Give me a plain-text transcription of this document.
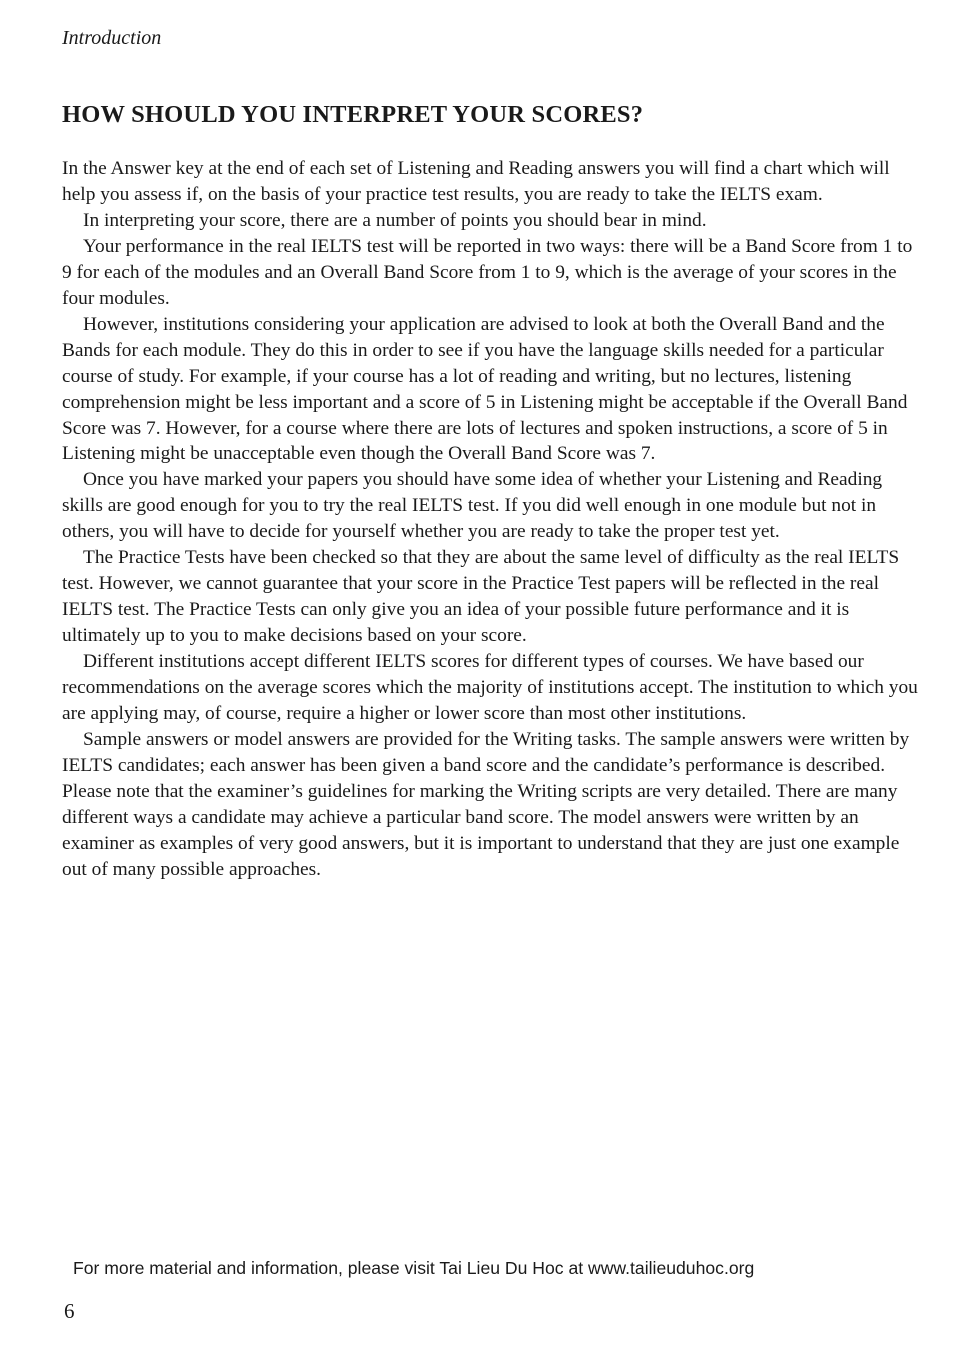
Introduction

HOW SHOULD YOU INTERPRET YOUR SCORES?

In the Answer key at the end of each set of Listening and Reading answers you will find a chart which will help you assess if, on the basis of your practice test results, you are ready to take the IELTS exam.

In interpreting your score, there are a number of points you should bear in mind.

Your performance in the real IELTS test will be reported in two ways: there will be a Band Score from 1 to 9 for each of the modules and an Overall Band Score from 1 to 9, which is the average of your scores in the four modules.

However, institutions considering your application are advised to look at both the Overall Band and the Bands for each module. They do this in order to see if you have the language skills needed for a particular course of study. For example, if your course has a lot of reading and writing, but no lectures, listening comprehension might be less important and a score of 5 in Listening might be acceptable if the Overall Band Score was 7. However, for a course where there are lots of lectures and spoken instructions, a score of 5 in Listening might be unacceptable even though the Overall Band Score was 7.

Once you have marked your papers you should have some idea of whether your Listening and Reading skills are good enough for you to try the real IELTS test. If you did well enough in one module but not in others, you will have to decide for yourself whether you are ready to take the proper test yet.

The Practice Tests have been checked so that they are about the same level of difficulty as the real IELTS test. However, we cannot guarantee that your score in the Practice Test papers will be reflected in the real IELTS test. The Practice Tests can only give you an idea of your possible future performance and it is ultimately up to you to make decisions based on your score.

Different institutions accept different IELTS scores for different types of courses. We have based our recommendations on the average scores which the majority of institutions accept. The institution to which you are applying may, of course, require a higher or lower score than most other institutions.

Sample answers or model answers are provided for the Writing tasks. The sample answers were written by IELTS candidates; each answer has been given a band score and the candidate’s performance is described. Please note that the examiner’s guidelines for marking the Writing scripts are very detailed. There are many different ways a candidate may achieve a particular band score. The model answers were written by an examiner as examples of very good answers, but it is important to understand that they are just one example out of many possible approaches.

For more material and information, please visit Tai Lieu Du Hoc at www.tailieuduhoc.org

6
